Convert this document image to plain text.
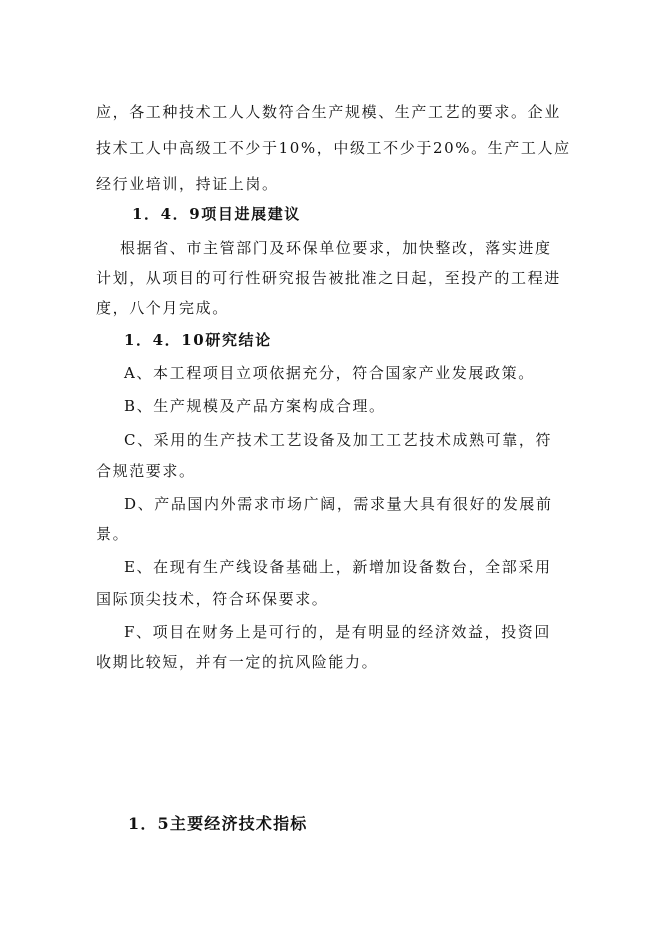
应，各工种技术工人人数符合生产规模、生产工艺的要求。企业
技术工人中高级工不少于10%，中级工不少于20%。生产工人应
经行业培训，持证上岗。
1．4．9项目进展建议
根据省、市主管部门及环保单位要求，加快整改，落实进度
计划，从项目的可行性研究报告被批准之日起，至投产的工程进
度，八个月完成。
1．4．10研究结论
A、本工程项目立项依据充分，符合国家产业发展政策。
B、生产规模及产品方案构成合理。
C、采用的生产技术工艺设备及加工工艺技术成熟可靠，符
合规范要求。
D、产品国内外需求市场广阔，需求量大具有很好的发展前
景。
E、在现有生产线设备基础上，新增加设备数台，全部采用
国际顶尖技术，符合环保要求。
F、项目在财务上是可行的，是有明显的经济效益，投资回
收期比较短，并有一定的抗风险能力。
1．5主要经济技术指标
